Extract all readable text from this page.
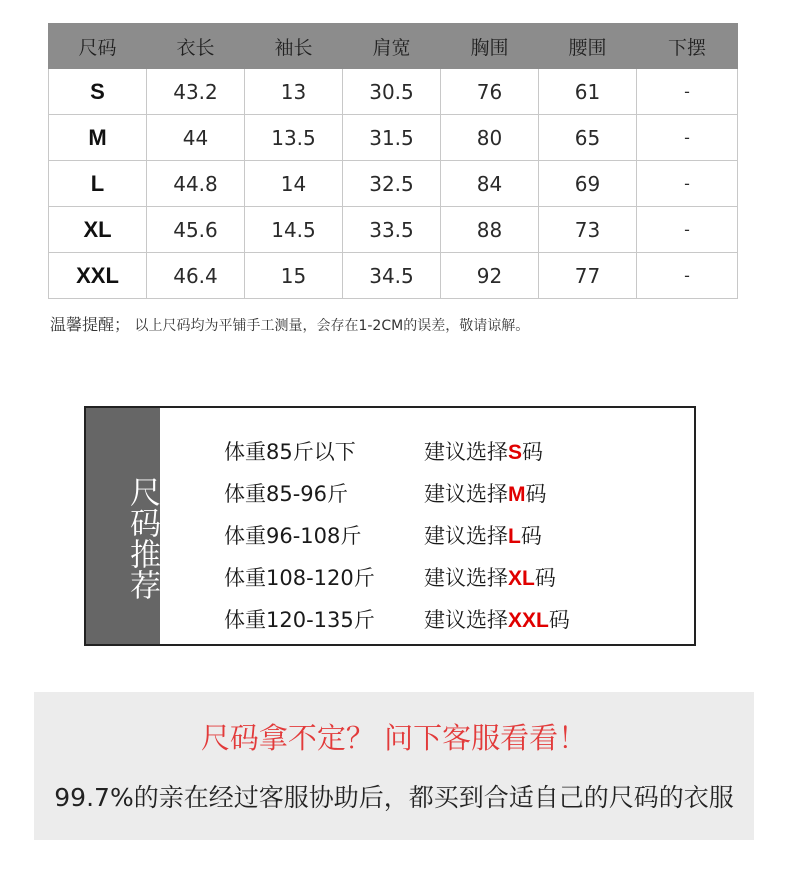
尺码	衣长	袖长	肩宽	胸围	腰围	下摆
S	43.2	13	30.5	76	61	-
M	44	13.5	31.5	80	65	-
L	44.8	14	32.5	84	69	-
XL	45.6	14.5	33.5	88	73	-
XXL	46.4	15	34.5	92	77	-
温馨提醒； 以上尺码均为平铺手工测量，会存在1-2CM的误差，敬请谅解。
尺码推荐
体重85斤以下	建议选择S码
体重85-96斤	建议选择M码
体重96-108斤	建议选择L码
体重108-120斤 建议选择XL码
体重120-135斤 建议选择XXL码
尺码拿不定？ 问下客服看看！
99.7%的亲在经过客服协助后，都买到合适自己的尺码的衣服
